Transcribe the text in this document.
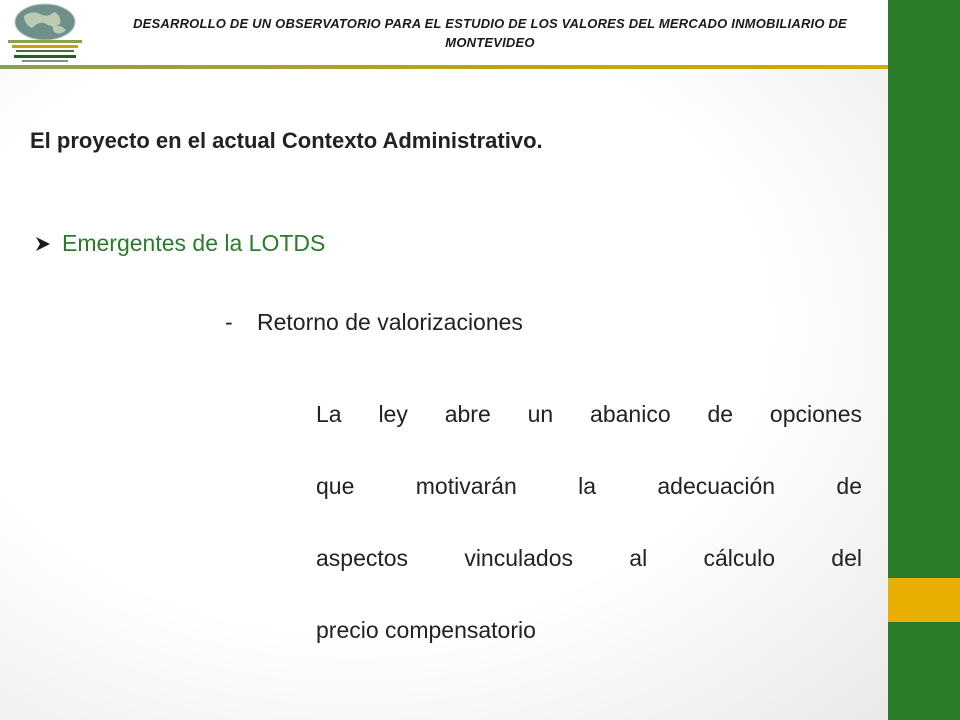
DESARROLLO DE UN OBSERVATORIO PARA EL ESTUDIO DE LOS VALORES DEL MERCADO INMOBILIARIO DE MONTEVIDEO
El proyecto en el actual Contexto Administrativo.
Emergentes de la LOTDS
- Retorno de valorizaciones
La ley abre un abanico de opciones
que motivarán la adecuación de
aspectos vinculados al cálculo del
precio compensatorio
